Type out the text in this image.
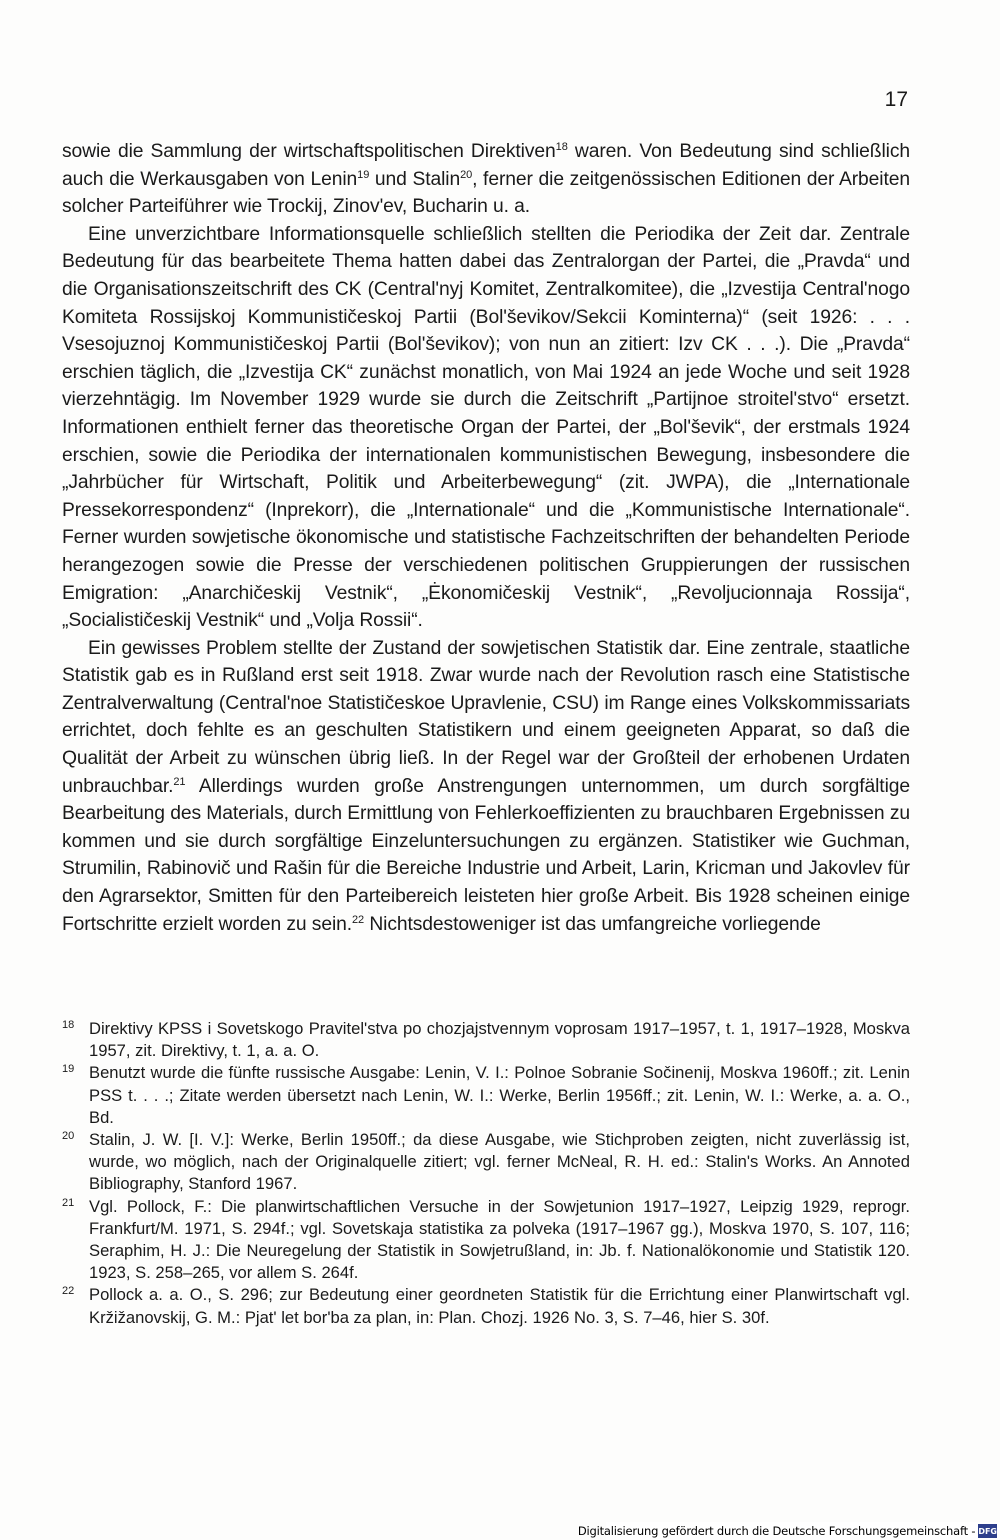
17

sowie die Sammlung der wirtschaftspolitischen Direktiven$^{18}$ waren. Von Bedeutung sind schließlich auch die Werkausgaben von Lenin$^{19}$ und Stalin$^{20}$, ferner die zeitgenössischen Editionen der Arbeiten solcher Parteiführer wie Trockij, Zinov'ev, Bucharin u. a.

Eine unverzichtbare Informationsquelle schließlich stellten die Periodika der Zeit dar. Zentrale Bedeutung für das bearbeitete Thema hatten dabei das Zentralorgan der Partei, die „Pravda“ und die Organisationszeitschrift des CK (Central'nyj Komitet, Zentralkomitee), die „Izvestija Central'nogo Komiteta Rossijskoj Kommunističeskoj Partii (Bol'ševikov/Sekcii Kominterna)“ (seit 1926: . . . Vsesojuznoj Kommunističeskoj Partii (Bol'ševikov); von nun an zitiert: Izv CK . . .). Die „Pravda“ erschien täglich, die „Izvestija CK“ zunächst monatlich, von Mai 1924 an jede Woche und seit 1928 vierzehntägig. Im November 1929 wurde sie durch die Zeitschrift „Partijnoe stroitel'stvo“ ersetzt. Informationen enthielt ferner das theoretische Organ der Partei, der „Bol'ševik“, der erstmals 1924 erschien, sowie die Periodika der internationalen kommunistischen Bewegung, insbesondere die „Jahrbücher für Wirtschaft, Politik und Arbeiterbewegung“ (zit. JWPA), die „Internationale Pressekorrespondenz“ (Inprekorr), die „Internationale“ und die „Kommunistische Internationale“. Ferner wurden sowjetische ökonomische und statistische Fachzeitschriften der behandelten Periode herangezogen sowie die Presse der verschiedenen politischen Gruppierungen der russischen Emigration: „Anarchičeskij Vestnik“, „Ėkonomičeskij Vestnik“, „Revoljucionnaja Rossija“, „Socialističeskij Vestnik“ und „Volja Rossii“.

Ein gewisses Problem stellte der Zustand der sowjetischen Statistik dar. Eine zentrale, staatliche Statistik gab es in Rußland erst seit 1918. Zwar wurde nach der Revolution rasch eine Statistische Zentralverwaltung (Central'noe Statističeskoe Upravlenie, CSU) im Range eines Volkskommissariats errichtet, doch fehlte es an geschulten Statistikern und einem geeigneten Apparat, so daß die Qualität der Arbeit zu wünschen übrig ließ. In der Regel war der Großteil der erhobenen Urdaten unbrauchbar.$^{21}$ Allerdings wurden große Anstrengungen unternommen, um durch sorgfältige Bearbeitung des Materials, durch Ermittlung von Fehlerkoeffizienten zu brauchbaren Ergebnissen zu kommen und sie durch sorgfältige Einzeluntersuchungen zu ergänzen. Statistiker wie Guchman, Strumilin, Rabinovič und Rašin für die Bereiche Industrie und Arbeit, Larin, Kricman und Jakovlev für den Agrarsektor, Smitten für den Parteibereich leisteten hier große Arbeit. Bis 1928 scheinen einige Fortschritte erzielt worden zu sein.$^{22}$ Nichtsdestoweniger ist das umfangreiche vorliegende

18 Direktivy KPSS i Sovetskogo Pravitel'stva po chozjajstvennym voprosam 1917–1957, t. 1, 1917–1928, Moskva 1957, zit. Direktivy, t. 1, a. a. O.
19 Benutzt wurde die fünfte russische Ausgabe: Lenin, V. I.: Polnoe Sobranie Sočinenij, Moskva 1960ff.; zit. Lenin PSS t. . . .; Zitate werden übersetzt nach Lenin, W. I.: Werke, Berlin 1956ff.; zit. Lenin, W. I.: Werke, a. a. O., Bd.
20 Stalin, J. W. [I. V.]: Werke, Berlin 1950ff.; da diese Ausgabe, wie Stichproben zeigten, nicht zuverlässig ist, wurde, wo möglich, nach der Originalquelle zitiert; vgl. ferner McNeal, R. H. ed.: Stalin's Works. An Annoted Bibliography, Stanford 1967.
21 Vgl. Pollock, F.: Die planwirtschaftlichen Versuche in der Sowjetunion 1917–1927, Leipzig 1929, reprogr. Frankfurt/M. 1971, S. 294f.; vgl. Sovetskaja statistika za polveka (1917–1967 gg.), Moskva 1970, S. 107, 116; Seraphim, H. J.: Die Neuregelung der Statistik in Sowjetrußland, in: Jb. f. Nationalökonomie und Statistik 120. 1923, S. 258–265, vor allem S. 264f.
22 Pollock a. a. O., S. 296; zur Bedeutung einer geordneten Statistik für die Errichtung einer Planwirtschaft vgl. Kržižanovskij, G. M.: Pjat' let bor'ba za plan, in: Plan. Chozj. 1926 No. 3, S. 7–46, hier S. 30f.
Digitalisierung gefördert durch die Deutsche Forschungsgemeinschaft - DFG
